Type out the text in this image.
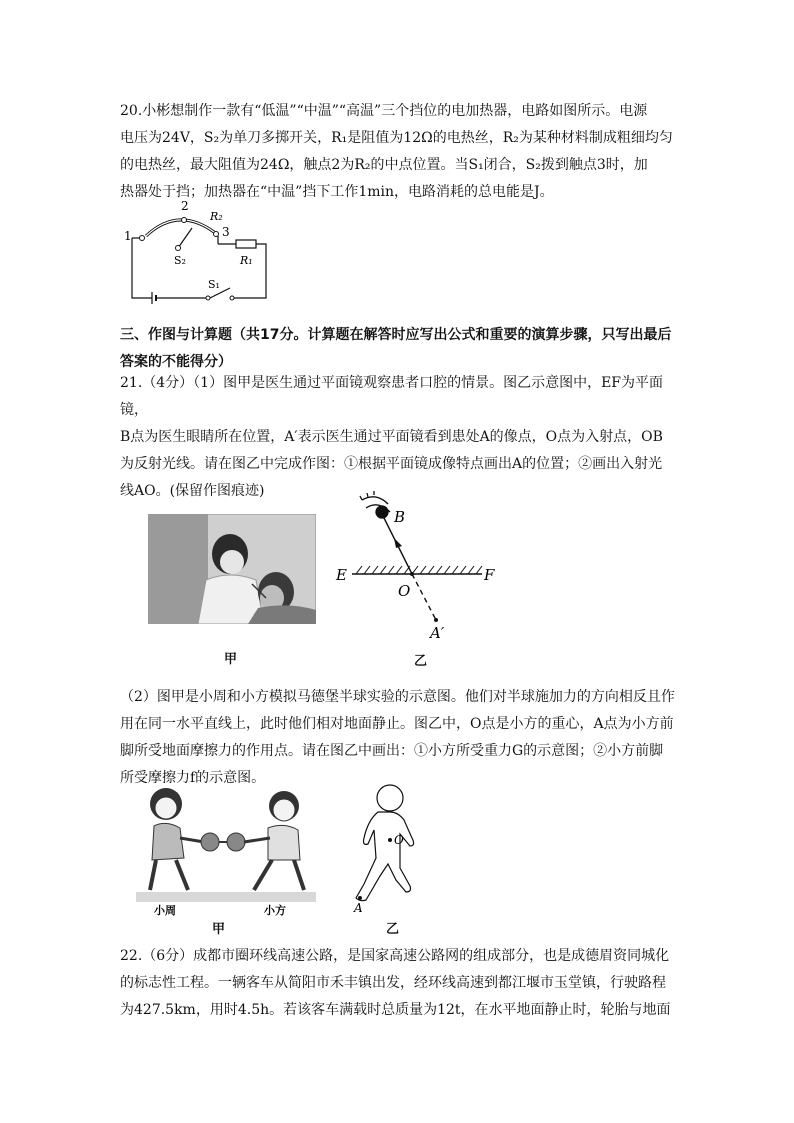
20.小彬想制作一款有“低温”“中温”“高温”三个挡位的电加热器，电路如图所示。电源
电压为24V，S₂为单刀多掷开关，R₁是阻值为12Ω的电热丝，R₂为某种材料制成粗细均匀
的电热丝，最大阻值为24Ω，触点2为R₂的中点位置。当S₁闭合，S₂拨到触点3时，加
热器处于挡；加热器在“中温”挡下工作1min，电路消耗的总电能是J。
1
2
3
R₂
R₁
S₂
S₁
三、作图与计算题（共17分。计算题在解答时应写出公式和重要的演算步骤，只写出最后
答案的不能得分）
21.（4分）（1）图甲是医生通过平面镜观察患者口腔的情景。图乙示意图中，EF为平面镜，
B点为医生眼睛所在位置，A′表示医生通过平面镜看到患处A的像点，O点为入射点，OB
为反射光线。请在图乙中完成作图：①根据平面镜成像特点画出A的位置；②画出入射光
线AO。(保留作图痕迹)
甲
B
E	F
O
A′
乙
（2）图甲是小周和小方模拟马德堡半球实验的示意图。他们对半球施加力的方向相反且作
用在同一水平直线上，此时他们相对地面静止。图乙中，O点是小方的重心，A点为小方前
脚所受地面摩擦力的作用点。请在图乙中画出：①小方所受重力G的示意图；②小方前脚
所受摩擦力f的示意图。
小周	小方
甲
O
A
乙
22.（6分）成都市圈环线高速公路，是国家高速公路网的组成部分，也是成德眉资同城化
的标志性工程。一辆客车从简阳市禾丰镇出发，经环线高速到都江堰市玉堂镇，行驶路程
为427.5km，用时4.5h。若该客车满载时总质量为12t，在水平地面静止时，轮胎与地面
